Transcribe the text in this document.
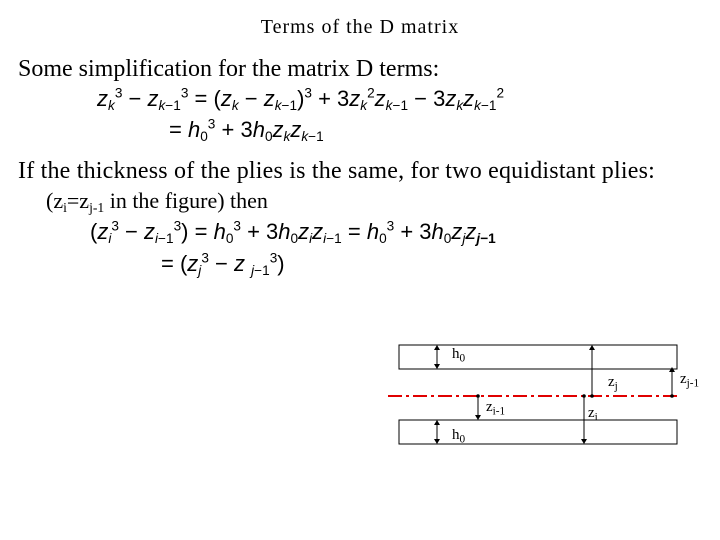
Terms of the D matrix
Some simplification for the matrix D terms:
$z_k^3 - z_{k-1}^3 = (z_k - z_{k-1})^3 + 3z_k^2z_{k-1} - 3z_kz_{k-1}^2$
= $h_0^3 + 3h_0z_kz_{k-1}$
If the thickness of the plies is the same, for two equidistant plies:
($z_i=z_{j-1}$ in the figure) then
$(z_i^3 - z_{i-1}^3) = h_0^3 + 3h_0z_iz_{i-1} = h_0^3 + 3h_0z_jz_{j-1}$
= ($z_j^3 - z$ $_{j-1}^3$)
$h_0$
$h_0$
$z_j$	$z_{j-1}$
$z_{i-1}$	$z_i$
